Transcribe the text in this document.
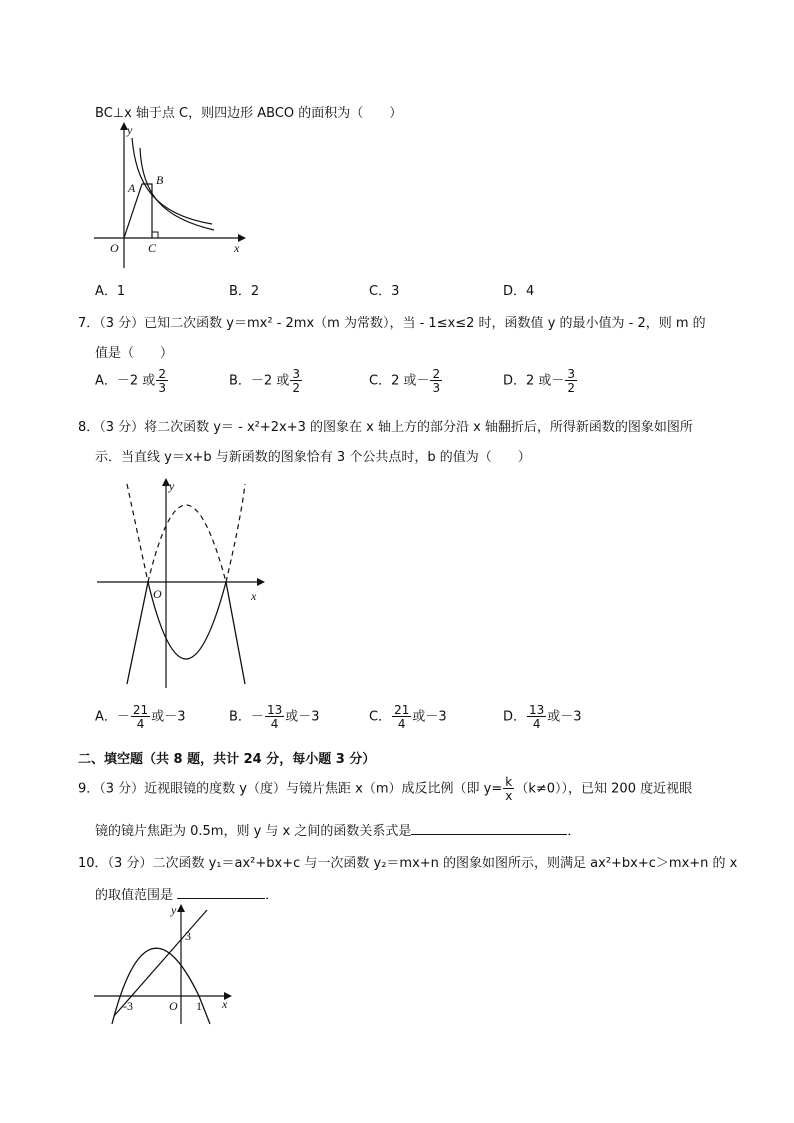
BC⊥x 轴于点 C，则四边形 ABCO 的面积为（　　）
y
x
A
B
O C
A．1	B．2	C．3	D．4
7．（3 分）已知二次函数 y＝mx² - 2mx（m 为常数），当 - 1≤x≤2 时，函数值 y 的最小值为 - 2，则 m 的
值是（　　）
A．－2 或 $\frac{2}{3}$	B．－2 或 $\frac{3}{2}$	C．2 或－ $\frac{2}{3}$	D．2 或－ $\frac{3}{2}$
8．（3 分）将二次函数 y＝ - x²+2x+3 的图象在 x 轴上方的部分沿 x 轴翻折后，所得新函数的图象如图所
示．当直线 y＝x+b 与新函数的图象恰有 3 个公共点时，b 的值为（　　）
y
x
O
A．－ $\frac{21}{4}$ 或－3	B．－ $\frac{13}{4}$ 或－3	C． $\frac{21}{4}$ 或－3	D． $\frac{13}{4}$ 或－3
二、填空题（共 8 题，共计 24 分，每小题 3 分）
9．（3 分）近视眼镜的度数 y（度）与镜片焦距 x（m）成反比例（即 $y= \frac{k}{x} (k\ne 0)$），已知 200 度近视眼
镜的镜片焦距为 0.5m，则 y 与 x 之间的函数关系式是	．
10．（3 分）二次函数 y₁＝ax²+bx+c 与一次函数 y₂＝mx+n 的图象如图所示，则满足 ax²+bx+c＞mx+n 的 x
的取值范围是	．
y
x
O
3
-3	1
